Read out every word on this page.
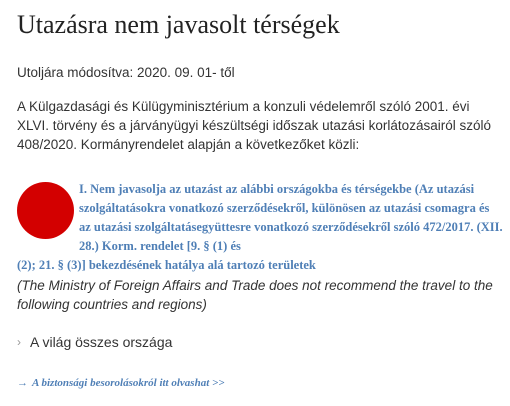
Utazásra nem javasolt térségek
Utoljára módosítva: 2020. 09. 01- től
A Külgazdasági és Külügyminisztérium a konzuli védelemről szóló 2001. évi XLVI. törvény és a járványügyi készültségi időszak utazási korlátozásairól szóló 408/2020. Kormányrendelet alapján a következőket közli:
I. Nem javasolja az utazást az alábbi országokba és térségekbe (Az utazási szolgáltatásokra vonatkozó szerződésekről, különösen az utazási csomagra és az utazási szolgáltatásegyüttesre vonatkozó szerződésekről szóló 472/2017. (XII. 28.) Korm. rendelet [9. § (1) és
(2); 21. § (3)] bekezdésének hatálya alá tartozó területek
(The Ministry of Foreign Affairs and Trade does not recommend the travel to the following countries and regions)
› A világ összes országa
→ A biztonsági besorolásokról itt olvashat >>
